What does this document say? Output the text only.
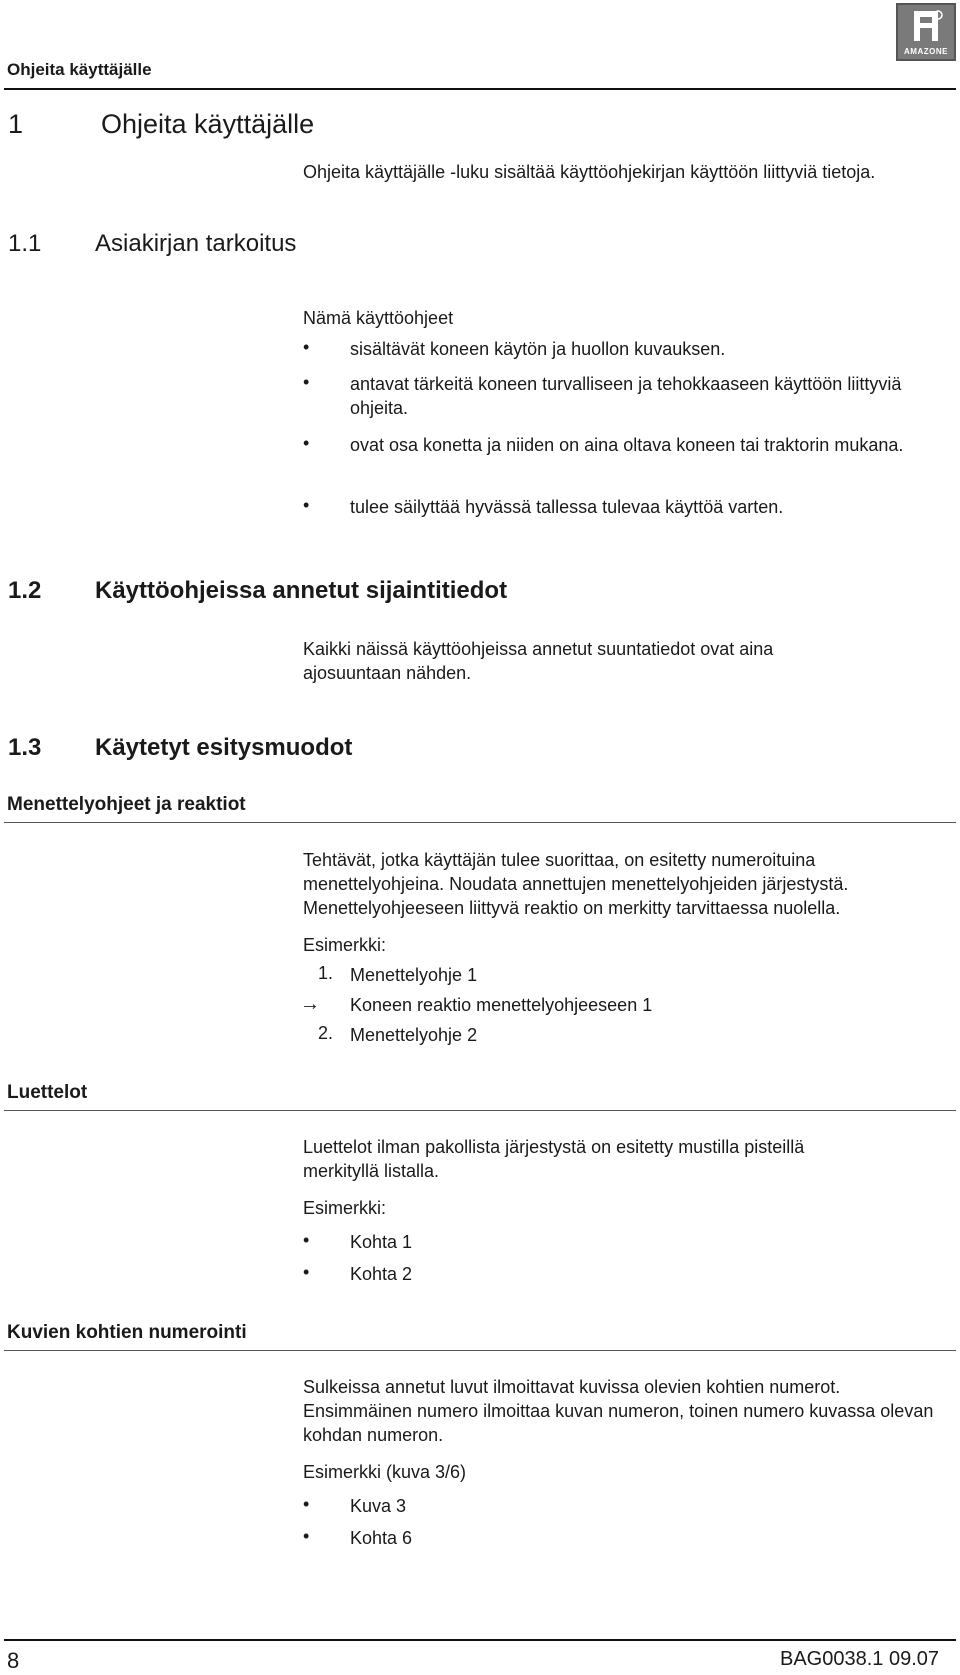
Ohjeita käyttäjälle
AMAZONE
1	Ohjeita käyttäjälle
Ohjeita käyttäjälle -luku sisältää käyttöohjekirjan käyttöön liittyviä tietoja.
1.1 Asiakirjan tarkoitus
Nämä käyttöohjeet
• sisältävät koneen käytön ja huollon kuvauksen.
• antavat tärkeitä koneen turvalliseen ja tehokkaaseen käyttöön liittyviä ohjeita.
• ovat osa konetta ja niiden on aina oltava koneen tai traktorin mukana.
• tulee säilyttää hyvässä tallessa tulevaa käyttöä varten.
1.2 Käyttöohjeissa annetut sijaintitiedot
Kaikki näissä käyttöohjeissa annetut suuntatiedot ovat aina ajosuuntaan nähden.
1.3 Käytetyt esitysmuodot
Menettelyohjeet ja reaktiot
Tehtävät, jotka käyttäjän tulee suorittaa, on esitetty numeroituina menettelyohjeina. Noudata annettujen menettelyohjeiden järjestystä. Menettelyohjeeseen liittyvä reaktio on merkitty tarvittaessa nuolella.
Esimerkki:
1. Menettelyohje 1
→ Koneen reaktio menettelyohjeeseen 1
2. Menettelyohje 2
Luettelot
Luettelot ilman pakollista järjestystä on esitetty mustilla pisteillä merkityllä listalla.
Esimerkki:
• Kohta 1
• Kohta 2
Kuvien kohtien numerointi
Sulkeissa annetut luvut ilmoittavat kuvissa olevien kohtien numerot. Ensimmäinen numero ilmoittaa kuvan numeron, toinen numero kuvassa olevan kohdan numeron.
Esimerkki (kuva 3/6)
• Kuva 3
• Kohta 6
8	BAG0038.1 09.07
